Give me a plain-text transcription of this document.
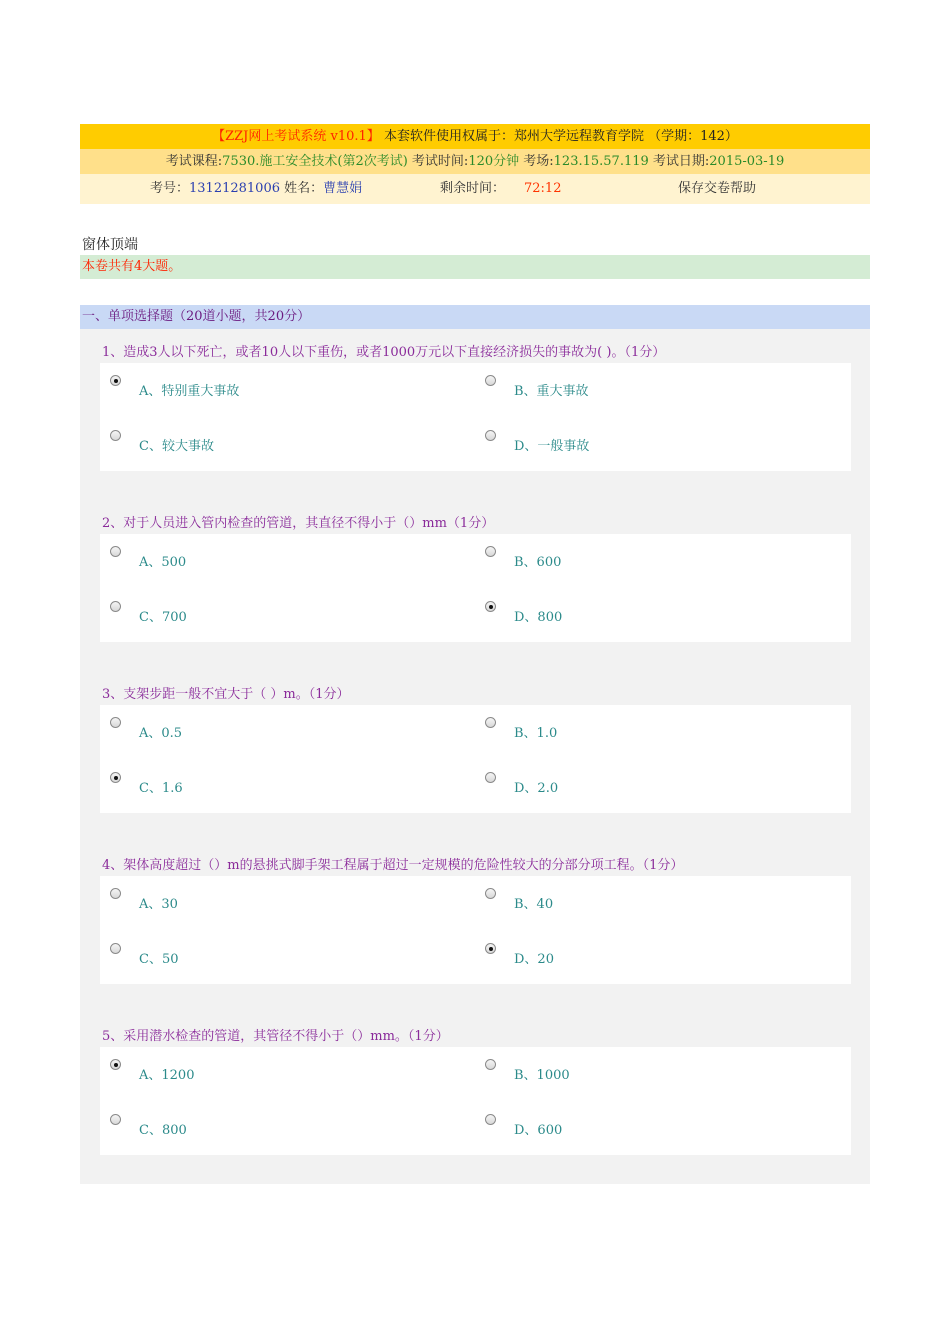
【ZZJ网上考试系统 v10.1】 本套软件使用权属于：郑州大学远程教育学院 （学期：142）
考试课程:7530.施工安全技术(第2次考试) 考试时间:120分钟 考场:123.15.57.119 考试日期:2015-03-19
考号：13121281006 姓名：曹慧娟	剩余时间： 72:12	保存交卷帮助
窗体顶端
本卷共有4大题。
一、单项选择题（20道小题，共20分）
1、造成3人以下死亡，或者10人以下重伤，或者1000万元以下直接经济损失的事故为( )。（1分）
A、特别重大事故	B、重大事故
C、较大事故	D、一般事故
2、对于人员进入管内检查的管道，其直径不得小于（）mm（1分）
A、500	B、600
C、700	D、800
3、支架步距一般不宜大于（ ）m。（1分）
A、0.5	B、1.0
C、1.6	D、2.0
4、架体高度超过（）m的悬挑式脚手架工程属于超过一定规模的危险性较大的分部分项工程。（1分）
A、30	B、40
C、50	D、20
5、采用潜水检查的管道，其管径不得小于（）mm。（1分）
A、1200	B、1000
C、800	D、600
